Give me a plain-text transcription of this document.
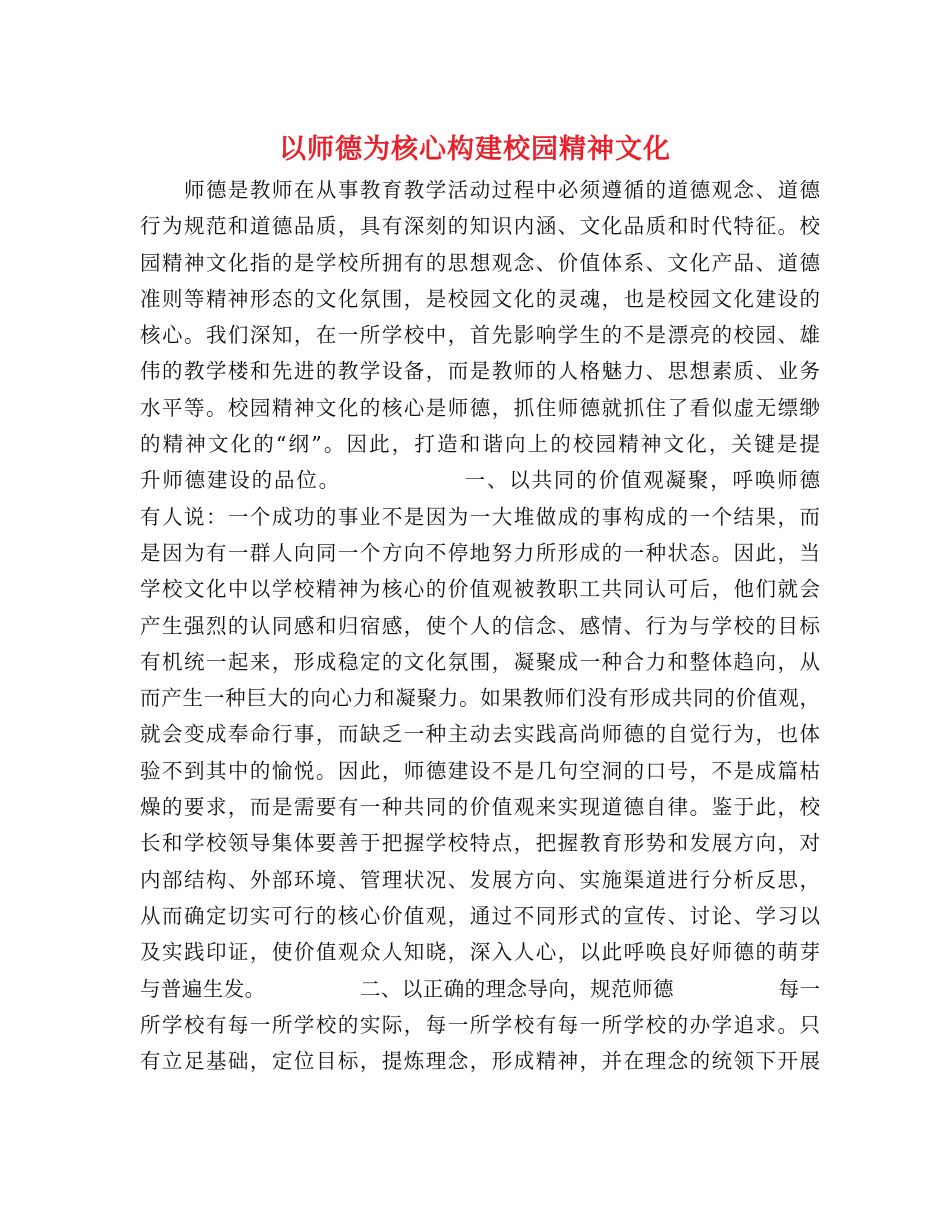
以师德为核心构建校园精神文化
　　师德是教师在从事教育教学活动过程中必须遵循的道德观念、道德
行为规范和道德品质，具有深刻的知识内涵、文化品质和时代特征。校
园精神文化指的是学校所拥有的思想观念、价值体系、文化产品、道德
准则等精神形态的文化氛围，是校园文化的灵魂，也是校园文化建设的
核心。我们深知，在一所学校中，首先影响学生的不是漂亮的校园、雄
伟的教学楼和先进的教学设备，而是教师的人格魅力、思想素质、业务
水平等。校园精神文化的核心是师德，抓住师德就抓住了看似虚无缥缈
的精神文化的“纲”。因此，打造和谐向上的校园精神文化，关键是提
升师德建设的品位。　　　　　　一、以共同的价值观凝聚，呼唤师德
有人说：一个成功的事业不是因为一大堆做成的事构成的一个结果，而
是因为有一群人向同一个方向不停地努力所形成的一种状态。因此，当
学校文化中以学校精神为核心的价值观被教职工共同认可后，他们就会
产生强烈的认同感和归宿感，使个人的信念、感情、行为与学校的目标
有机统一起来，形成稳定的文化氛围，凝聚成一种合力和整体趋向，从
而产生一种巨大的向心力和凝聚力。如果教师们没有形成共同的价值观，
就会变成奉命行事，而缺乏一种主动去实践高尚师德的自觉行为，也体
验不到其中的愉悦。因此，师德建设不是几句空洞的口号，不是成篇枯
燥的要求，而是需要有一种共同的价值观来实现道德自律。鉴于此，校
长和学校领导集体要善于把握学校特点，把握教育形势和发展方向，对
内部结构、外部环境、管理状况、发展方向、实施渠道进行分析反思，
从而确定切实可行的核心价值观，通过不同形式的宣传、讨论、学习以
及实践印证，使价值观众人知晓，深入人心，以此呼唤良好师德的萌芽
与普遍生发。　　　　　二、以正确的理念导向，规范师德　　　　　每一
所学校有每一所学校的实际，每一所学校有每一所学校的办学追求。只
有立足基础，定位目标，提炼理念，形成精神，并在理念的统领下开展
